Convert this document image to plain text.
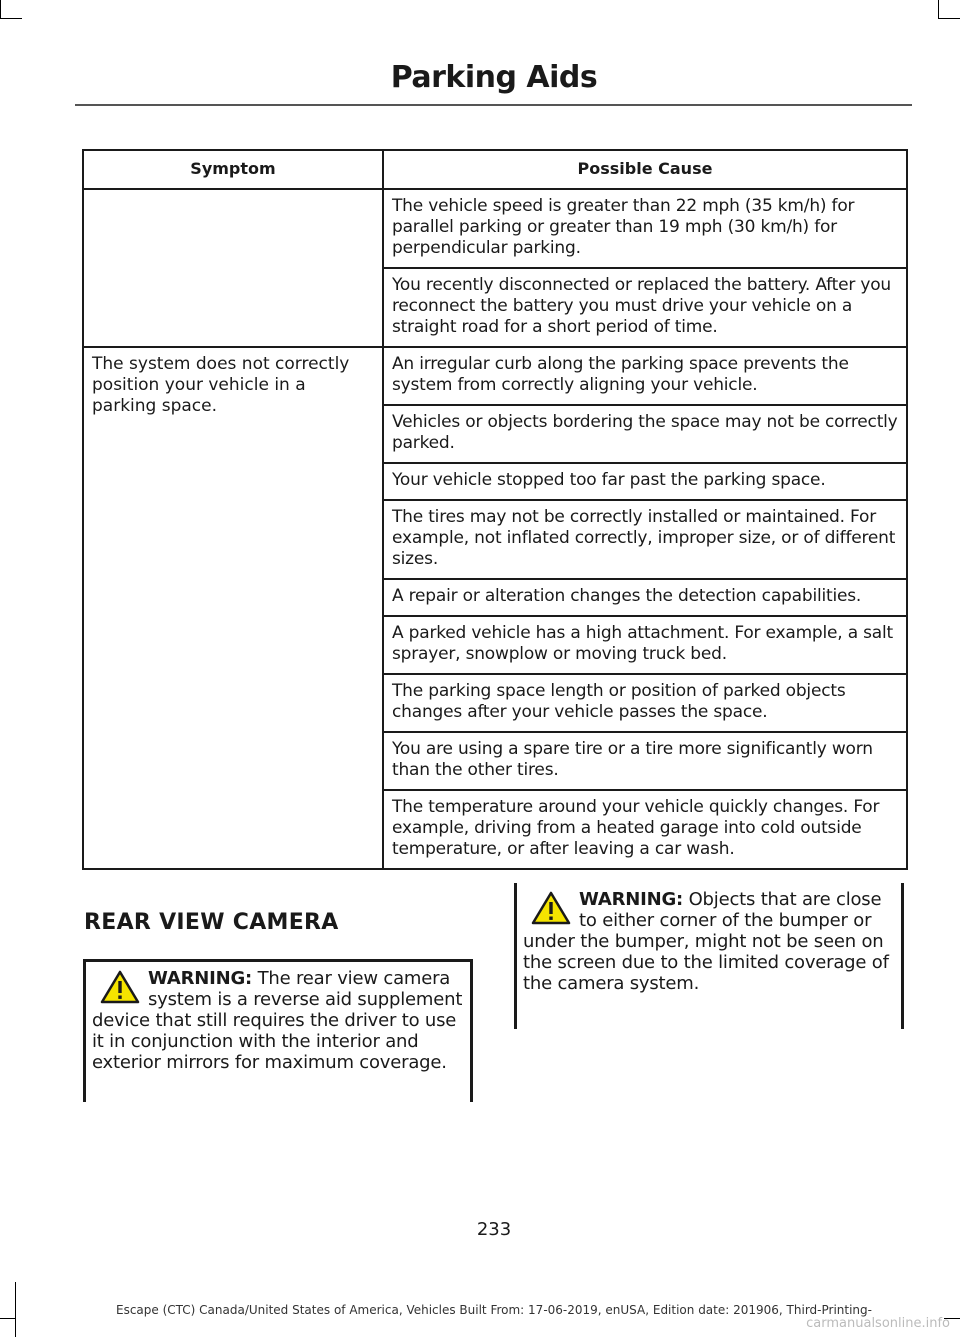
Parking Aids
Symptom	Possible Cause
	The vehicle speed is greater than 22 mph (35 km/h) for parallel parking or greater than 19 mph (30 km/h) for perpendicular parking.
	You recently disconnected or replaced the battery. After you reconnect the battery you must drive your vehicle on a straight road for a short period of time.
The system does not correctly position your vehicle in a parking space.	An irregular curb along the parking space prevents the system from correctly aligning your vehicle.
	Vehicles or objects bordering the space may not be correctly parked.
	Your vehicle stopped too far past the parking space.
	The tires may not be correctly installed or maintained. For example, not inflated correctly, improper size, or of different sizes.
	A repair or alteration changes the detection capabilities.
	A parked vehicle has a high attachment. For example, a salt sprayer, snowplow or moving truck bed.
	The parking space length or position of parked objects changes after your vehicle passes the space.
	You are using a spare tire or a tire more significantly worn than the other tires.
	The temperature around your vehicle quickly changes. For example, driving from a heated garage into cold outside temperature, or after leaving a car wash.
REAR VIEW CAMERA
WARNING: The rear view camera system is a reverse aid supplement device that still requires the driver to use it in conjunction with the interior and exterior mirrors for maximum coverage.
WARNING: Objects that are close to either corner of the bumper or under the bumper, might not be seen on the screen due to the limited coverage of the camera system.
233
Escape (CTC) Canada/United States of America, Vehicles Built From: 17-06-2019, enUSA, Edition date: 201906, Third-Printing-
carmanualsonline.info
